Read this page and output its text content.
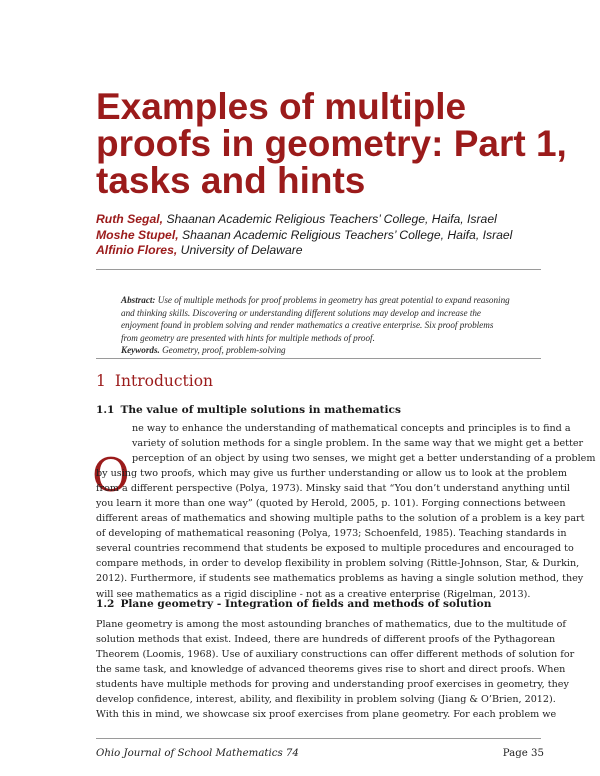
Examples of multiple
proofs in geometry: Part 1,
tasks and hints
Ruth Segal, Shaanan Academic Religious Teachers’ College, Haifa, Israel
Moshe Stupel, Shaanan Academic Religious Teachers’ College, Haifa, Israel
Alfinio Flores, University of Delaware

Abstract: Use of multiple methods for proof problems in geometry has great potential to expand reasoning
and thinking skills. Discovering or understanding different solutions may develop and increase the
enjoyment found in problem solving and render mathematics a creative enterprise. Six proof problems
from geometry are presented with hints for multiple methods of proof.

Keywords. Geometry, proof, problem-solving

1 Introduction
1.1 The value of multiple solutions in mathematics
O
ne way to enhance the understanding of mathematical concepts and principles is to find a
variety of solution methods for a single problem. In the same way that we might get a better
perception of an object by using two senses, we might get a better understanding of a problem
by using two proofs, which may give us further understanding or allow us to look at the problem
from a different perspective (Polya, 1973). Minsky said that “You don’t understand anything until
you learn it more than one way” (quoted by Herold, 2005, p. 101). Forging connections between
different areas of mathematics and showing multiple paths to the solution of a problem is a key part
of developing of mathematical reasoning (Polya, 1973; Schoenfeld, 1985). Teaching standards in
several countries recommend that students be exposed to multiple procedures and encouraged to
compare methods, in order to develop flexibility in problem solving (Rittle-Johnson, Star, & Durkin,
2012). Furthermore, if students see mathematics problems as having a single solution method, they
will see mathematics as a rigid discipline - not as a creative enterprise (Rigelman, 2013).
1.2 Plane geometry - Integration of fields and methods of solution
Plane geometry is among the most astounding branches of mathematics, due to the multitude of
solution methods that exist. Indeed, there are hundreds of different proofs of the Pythagorean
Theorem (Loomis, 1968). Use of auxiliary constructions can offer different methods of solution for
the same task, and knowledge of advanced theorems gives rise to short and direct proofs. When
students have multiple methods for proving and understanding proof exercises in geometry, they
develop confidence, interest, ability, and flexibility in problem solving (Jiang & O’Brien, 2012).
With this in mind, we showcase six proof exercises from plane geometry. For each problem we
Ohio Journal of School Mathematics 74	Page 35
